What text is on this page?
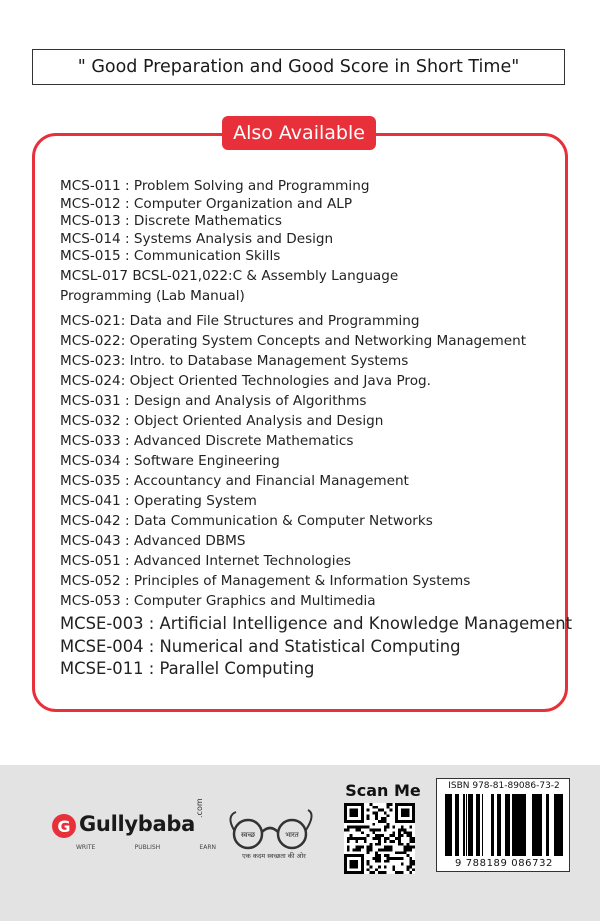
" Good Preparation and Good Score in Short Time"
Also Available
MCS-011 : Problem Solving and Programming
MCS-012 : Computer Organization and ALP
MCS-013 : Discrete Mathematics
MCS-014 : Systems Analysis and Design
MCS-015 : Communication Skills
MCSL-017 BCSL-021,022:C & Assembly Language
Programming (Lab Manual)
MCS-021: Data and File Structures and Programming
MCS-022: Operating System Concepts and Networking Management
MCS-023: Intro. to Database Management Systems
MCS-024: Object Oriented Technologies and Java Prog.
MCS-031 : Design and Analysis of Algorithms
MCS-032 : Object Oriented Analysis and Design
MCS-033 : Advanced Discrete Mathematics
MCS-034 : Software Engineering
MCS-035 : Accountancy and Financial Management
MCS-041 : Operating System
MCS-042 : Data Communication & Computer Networks
MCS-043 : Advanced DBMS
MCS-051 : Advanced Internet Technologies
MCS-052 : Principles of Management & Information Systems
MCS-053 : Computer Graphics and Multimedia
MCSE-003 : Artificial Intelligence and Knowledge Management
MCSE-004 : Numerical and Statistical Computing
MCSE-011 : Parallel Computing
G Gullybaba
.com
WRITE	PUBLISH	EARN
स्वच्छ	भारत
एक कदम स्वच्छता की ओर
Scan Me	ISBN 978-81-89086-73-2
9 788189 086732
